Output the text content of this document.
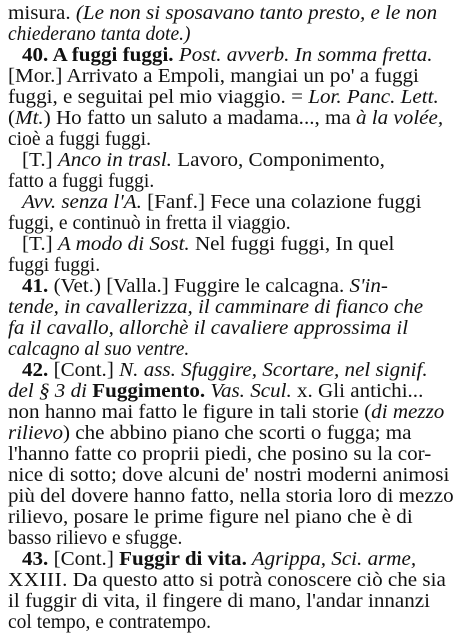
misura. (Le non si sposavano tanto presto, e le non
chiederano tanta dote.)
40. A fuggi fuggi. Post. avverb. In somma fretta.
[Mor.] Arrivato a Empoli, mangiai un po' a fuggi
fuggi, e seguitai pel mio viaggio. = Lor. Panc. Lett.
(Mt.) Ho fatto un saluto a madama..., ma à la volée,
cioè a fuggi fuggi.
[T.] Anco in trasl. Lavoro, Componimento,
fatto a fuggi fuggi.
Avv. senza l'A. [Fanf.] Fece una colazione fuggi
fuggi, e continuò in fretta il viaggio.
[T.] A modo di Sost. Nel fuggi fuggi, In quel
fuggi fuggi.
41. (Vet.) [Valla.] Fuggire le calcagna. S'in-
tende, in cavallerizza, il camminare di fianco che
fa il cavallo, allorchè il cavaliere approssima il
calcagno al suo ventre.
42. [Cont.] N. ass. Sfuggire, Scortare, nel signif.
del § 3 di Fuggimento. Vas. Scul. x. Gli antichi...
non hanno mai fatto le figure in tali storie (di mezzo
rilievo) che abbino piano che scorti o fugga; ma
l'hanno fatte co proprii piedi, che posino su la cor-
nice di sotto; dove alcuni de' nostri moderni animosi
più del dovere hanno fatto, nella storia loro di mezzo
rilievo, posare le prime figure nel piano che è di
basso rilievo e sfugge.
43. [Cont.] Fuggir di vita. Agrippa, Sci. arme,
XXIII. Da questo atto si potrà conoscere ciò che sia
il fuggir di vita, il fingere di mano, l'andar innanzi
col tempo, e contratempo.
